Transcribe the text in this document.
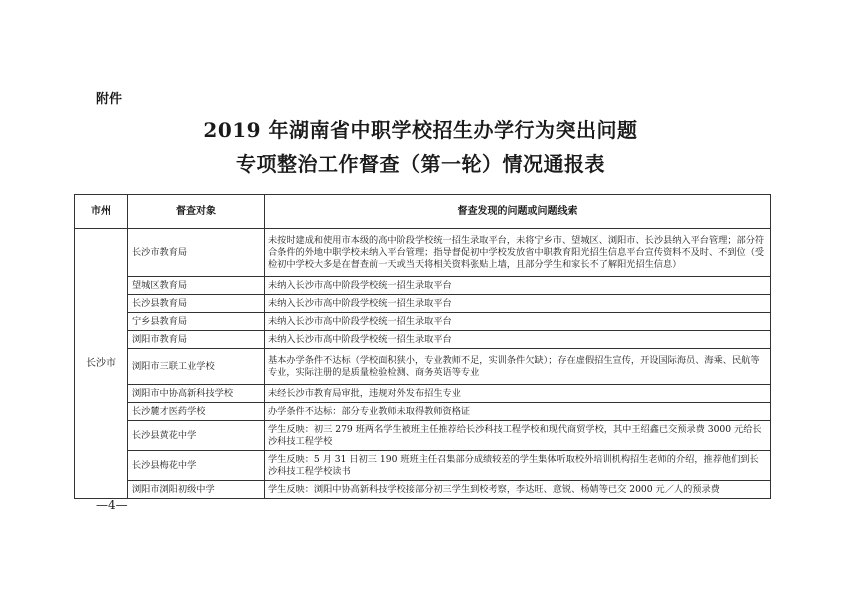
附件
2019 年湖南省中职学校招生办学行为突出问题
专项整治工作督查（第一轮）情况通报表
市州	督查对象	督查发现的问题或问题线索
长沙市	长沙市教育局	未按时建成和使用市本级的高中阶段学校统一招生录取平台，未将宁乡市、望城区、浏阳市、长沙县纳入平台管理；部分符合条件的外地中职学校未纳入平台管理；指导督促初中学校发放省中职教育阳光招生信息平台宣传资料不及时、不到位（受检初中学校大多是在督查前一天或当天将相关资料张贴上墙，且部分学生和家长不了解阳光招生信息）
	望城区教育局	未纳入长沙市高中阶段学校统一招生录取平台
	长沙县教育局	未纳入长沙市高中阶段学校统一招生录取平台
	宁乡县教育局	未纳入长沙市高中阶段学校统一招生录取平台
	浏阳市教育局	未纳入长沙市高中阶段学校统一招生录取平台
	浏阳市三联工业学校	基本办学条件不达标（学校面积狭小，专业教师不足，实训条件欠缺）；存在虚假招生宣传，开设国际海员、海乘、民航等专业，实际注册的是质量检验检测、商务英语等专业
	浏阳市中协高新科技学校	未经长沙市教育局审批，违规对外发布招生专业
	长沙麓才医药学校	办学条件不达标：部分专业教师未取得教师资格证
	长沙县黄花中学	学生反映：初三 279 班两名学生被班主任推荐给长沙科技工程学校和现代商贸学校，其中王绍鑫已交预录费 3000 元给长沙科技工程学校
	长沙县梅花中学	学生反映：5 月 31 日初三 190 班班主任召集部分成绩较差的学生集体听取校外培训机构招生老师的介绍，推荐他们到长沙科技工程学校读书
	浏阳市浏阳初级中学	学生反映：浏阳中协高新科技学校接部分初三学生到校考察，李达旺、意锐、杨婧等已交 2000 元／人的预录费
—4—
